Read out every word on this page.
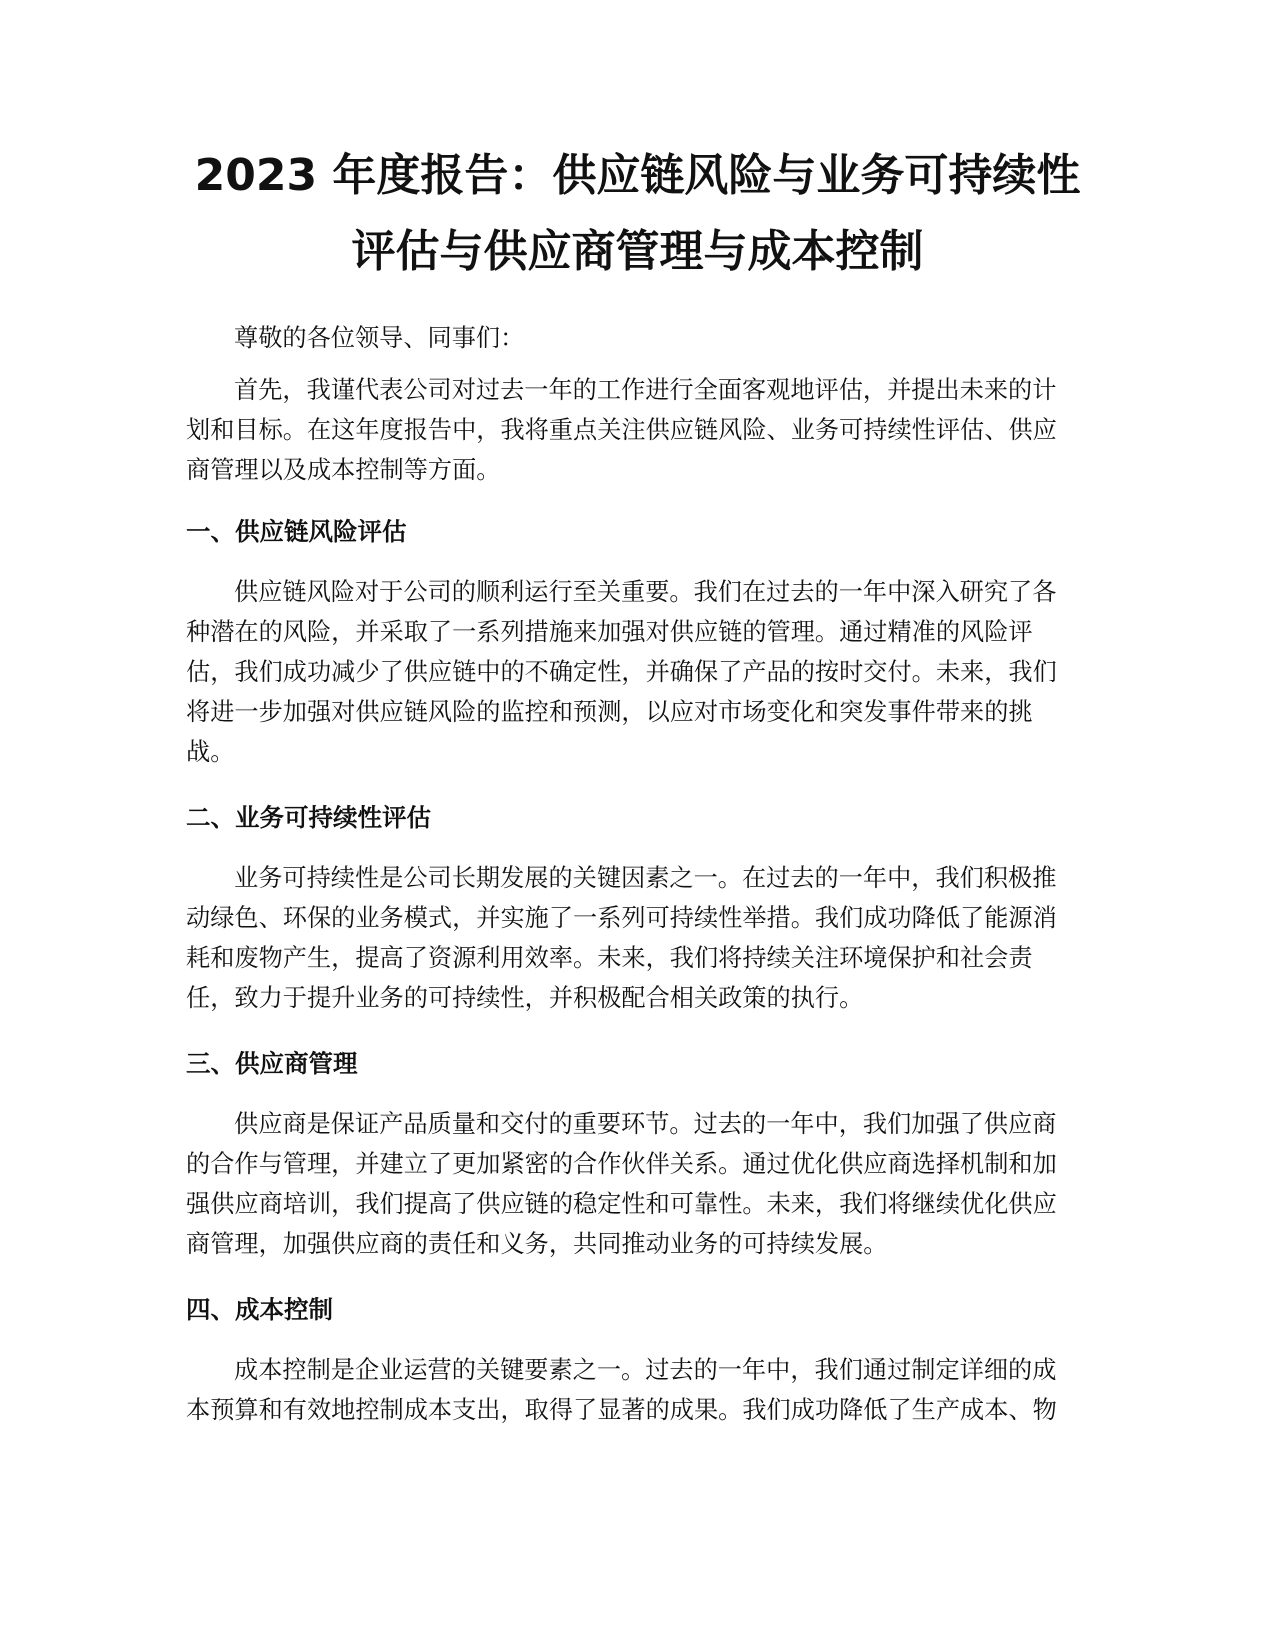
2023 年度报告：供应链风险与业务可持续性
评估与供应商管理与成本控制

尊敬的各位领导、同事们：

首先，我谨代表公司对过去一年的工作进行全面客观地评估，并提出未来的计
划和目标。在这年度报告中，我将重点关注供应链风险、业务可持续性评估、供应
商管理以及成本控制等方面。

一、供应链风险评估

供应链风险对于公司的顺利运行至关重要。我们在过去的一年中深入研究了各
种潜在的风险，并采取了一系列措施来加强对供应链的管理。通过精准的风险评
估，我们成功减少了供应链中的不确定性，并确保了产品的按时交付。未来，我们
将进一步加强对供应链风险的监控和预测，以应对市场变化和突发事件带来的挑
战。

二、业务可持续性评估

业务可持续性是公司长期发展的关键因素之一。在过去的一年中，我们积极推
动绿色、环保的业务模式，并实施了一系列可持续性举措。我们成功降低了能源消
耗和废物产生，提高了资源利用效率。未来，我们将持续关注环境保护和社会责
任，致力于提升业务的可持续性，并积极配合相关政策的执行。

三、供应商管理

供应商是保证产品质量和交付的重要环节。过去的一年中，我们加强了供应商
的合作与管理，并建立了更加紧密的合作伙伴关系。通过优化供应商选择机制和加
强供应商培训，我们提高了供应链的稳定性和可靠性。未来，我们将继续优化供应
商管理，加强供应商的责任和义务，共同推动业务的可持续发展。

四、成本控制

成本控制是企业运营的关键要素之一。过去的一年中，我们通过制定详细的成
本预算和有效地控制成本支出，取得了显著的成果。我们成功降低了生产成本、物
